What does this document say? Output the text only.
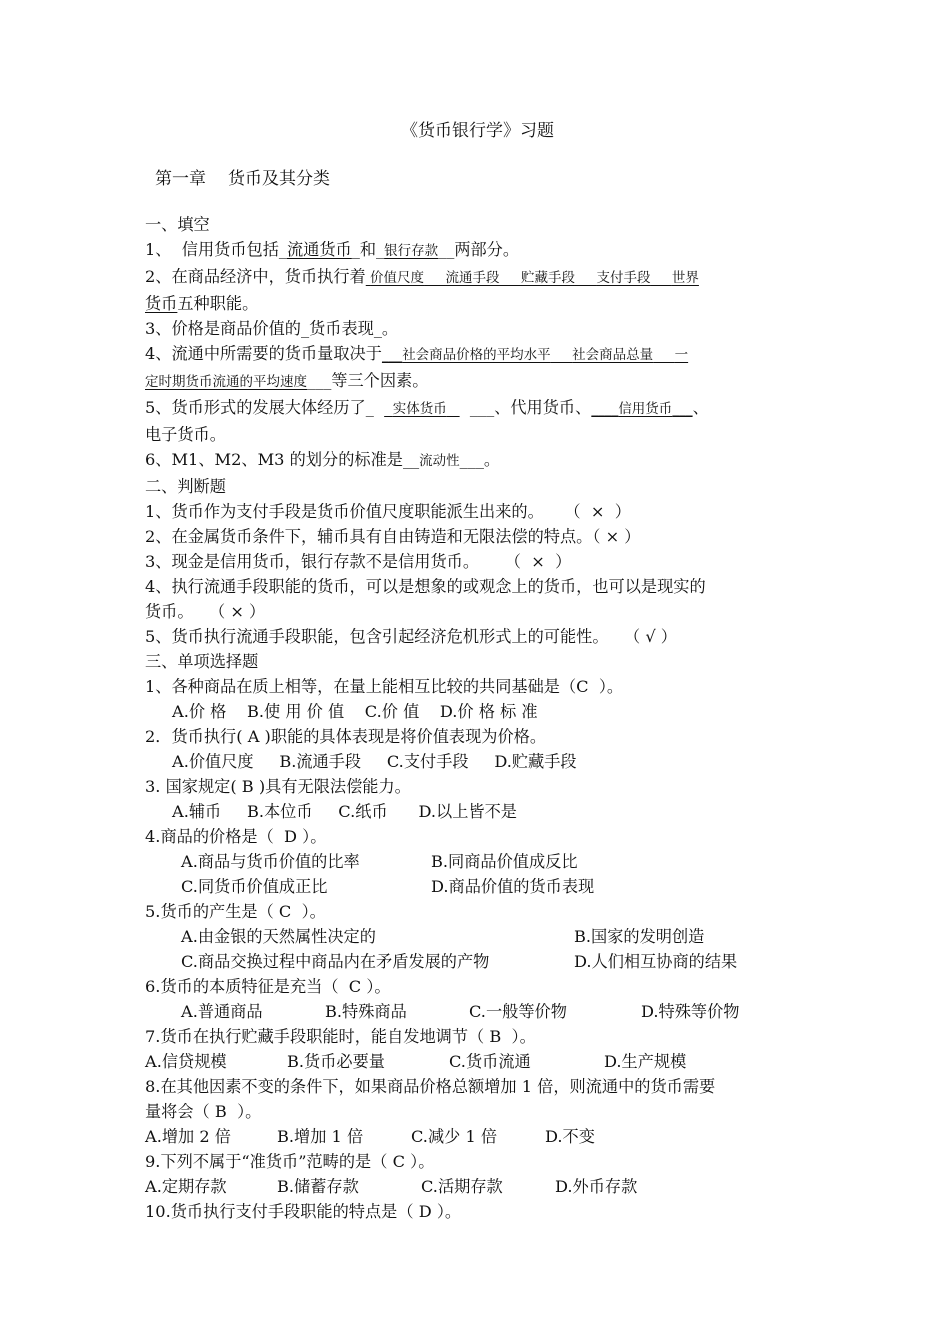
《货币银行学》习题
第一章 货币及其分类
一、填空
1、  信用货币包括_流通货币_和_银行存款__两部分。
2、在商品经济中，货币执行着 价值尺度 流通手段 贮藏手段 支付手段 世界
货币五种职能。
3、价格是商品价值的_货币表现_。
4、流通中所需要的货币量取决于___社会商品价格的平均水平 社会商品总量 一
定时期货币流通的平均速度___等三个因素。
5、货币形式的发展大体经历了_ 实体货币     ___、代用货币、____信用货币___、
电子货币。
6、M1、M2、M3 的划分的标准是__流动性___。
二、判断题
1、货币作为支付手段是货币价值尺度职能派生出来的。    （  ×  ）
2、在金属货币条件下，辅币具有自由铸造和无限法偿的特点。（ × ）
3、现金是信用货币，银行存款不是信用货币。     （  ×  ）
4、执行流通手段职能的货币，可以是想象的或观念上的货币，也可以是现实的
货币。   （ × ）
5、货币执行流通手段职能，包含引起经济危机形式上的可能性。   （ √ ）
三、单项选择题
1、各种商品在质上相等，在量上能相互比较的共同基础是（C  ）。
A.价 格 B.使 用 价 值 C.价 值 D.价 格 标 准
2．货币执行( A )职能的具体表现是将价值表现为价格。
A.价值尺度 B.流通手段 C.支付手段 D.贮藏手段
3. 国家规定( B )具有无限法偿能力。
A.辅币 B.本位币 C.纸币 D.以上皆不是
4.商品的价格是（  D ）。
A.商品与货币价值的比率	B.同商品价值成反比
C.同货币价值成正比	D.商品价值的货币表现
5.货币的产生是（ C  ）。
A.由金银的天然属性决定的	B.国家的发明创造
C.商品交换过程中商品内在矛盾发展的产物	D.人们相互协商的结果
6.货币的本质特征是充当（  C ）。
A.普通商品	B.特殊商品	C.一般等价物	D.特殊等价物
7.货币在执行贮藏手段职能时，能自发地调节（ B  ）。
A.信贷规模	B.货币必要量	C.货币流通	D.生产规模
8.在其他因素不变的条件下，如果商品价格总额增加 1 倍，则流通中的货币需要
量将会（ B  ）。
A.增加 2 倍	B.增加 1 倍	C.减少 1 倍	D.不变
9.下列不属于“准货币”范畴的是（ C ）。
A.定期存款	B.储蓄存款	C.活期存款	D.外币存款
10.货币执行支付手段职能的特点是（ D ）。
